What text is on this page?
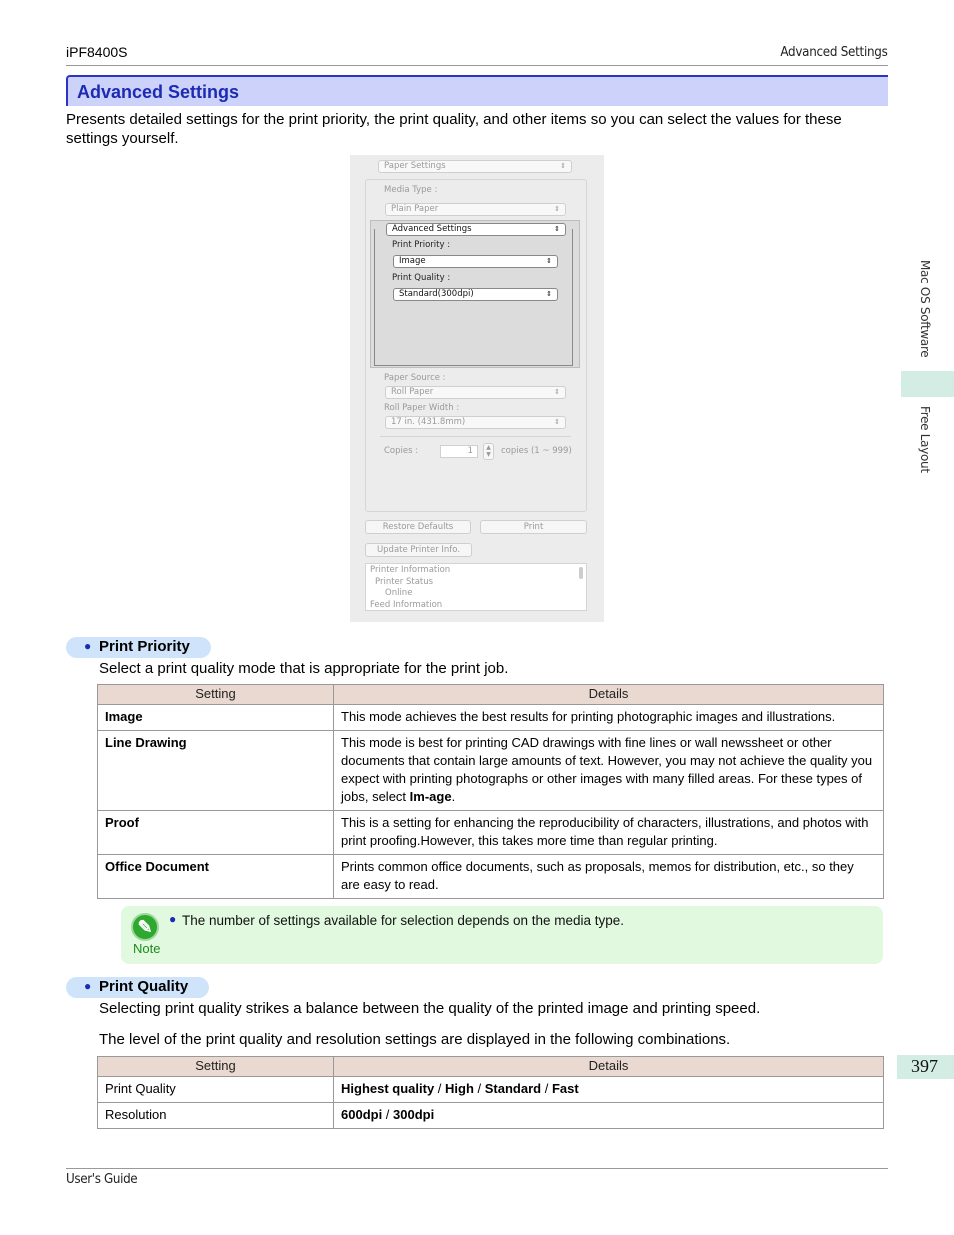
iPF8400S	Advanced Settings
Advanced Settings
Presents detailed settings for the print priority, the print quality, and other items so you can select the values for these settings yourself.
Paper Settings	⇕
Media Type :
Plain Paper	⇕
Advanced Settings	⇕
Print Priority :
Image	⇕
Print Quality :
Standard(300dpi)	⇕
Paper Source :
Roll Paper	⇕
Roll Paper Width :
17 in. (431.8mm)	⇕
Copies :	1	▲
▼	copies (1 ~ 999)
Restore Defaults	Print
Update Printer Info.
Printer Information
Printer Status
Online
Feed Information
● Print Priority
Select a print quality mode that is appropriate for the print job.
Setting	Details
Image	This mode achieves the best results for printing photographic images and illustrations.
Line Drawing	This mode is best for printing CAD drawings with fine lines or wall newssheet or other documents that contain large amounts of text. However, you may not achieve the quality you expect with printing photographs or other images with many filled areas. For these types of jobs, select Im-age.
Proof	This is a setting for enhancing the reproducibility of characters, illustrations, and photos with print proofing.However, this takes more time than regular printing.
Office Document	Prints common office documents, such as proposals, memos for distribution, etc., so they are easy to read.
✎
Note
● The number of settings available for selection depends on the media type.
● Print Quality
Selecting print quality strikes a balance between the quality of the printed image and printing speed.
The level of the print quality and resolution settings are displayed in the following combinations.
Setting	Details
Print Quality	Highest quality / High / Standard / Fast
Resolution	600dpi / 300dpi
Mac OS Software
Free Layout
397
User's Guide
